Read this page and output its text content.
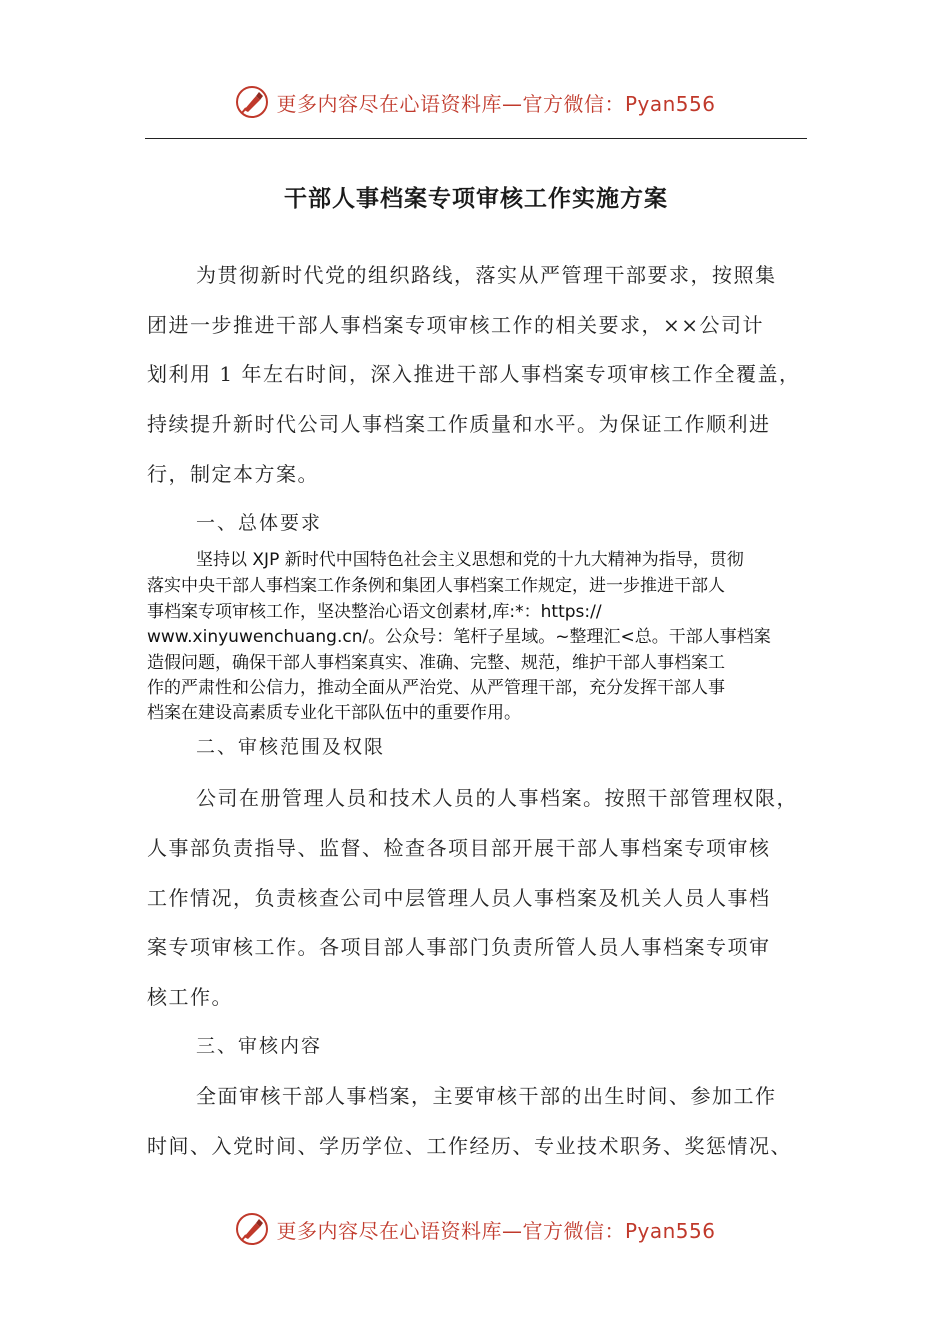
更多内容尽在心语资料库—官方微信：Pyan556
干部人事档案专项审核工作实施方案
为贯彻新时代党的组织路线，落实从严管理干部要求，按照集
团进一步推进干部人事档案专项审核工作的相关要求，××公司计
划利用 1 年左右时间，深入推进干部人事档案专项审核工作全覆盖，
持续提升新时代公司人事档案工作质量和水平。为保证工作顺利进
行，制定本方案。
一、总体要求
坚持以 XJP 新时代中国特色社会主义思想和党的十九大精神为指导，贯彻
落实中央干部人事档案工作条例和集团人事档案工作规定，进一步推进干部人
事档案专项审核工作，坚决整治心语文创素材,库:*：https://
www.xinyuwenchuang.cn/。公众号：笔杆子星域。~整理汇<总。干部人事档案
造假问题，确保干部人事档案真实、准确、完整、规范，维护干部人事档案工
作的严肃性和公信力，推动全面从严治党、从严管理干部，充分发挥干部人事
档案在建设高素质专业化干部队伍中的重要作用。
二、审核范围及权限
公司在册管理人员和技术人员的人事档案。按照干部管理权限，
人事部负责指导、监督、检查各项目部开展干部人事档案专项审核
工作情况，负责核查公司中层管理人员人事档案及机关人员人事档
案专项审核工作。各项目部人事部门负责所管人员人事档案专项审
核工作。
三、审核内容
全面审核干部人事档案，主要审核干部的出生时间、参加工作
时间、入党时间、学历学位、工作经历、专业技术职务、奖惩情况、
更多内容尽在心语资料库—官方微信：Pyan556
